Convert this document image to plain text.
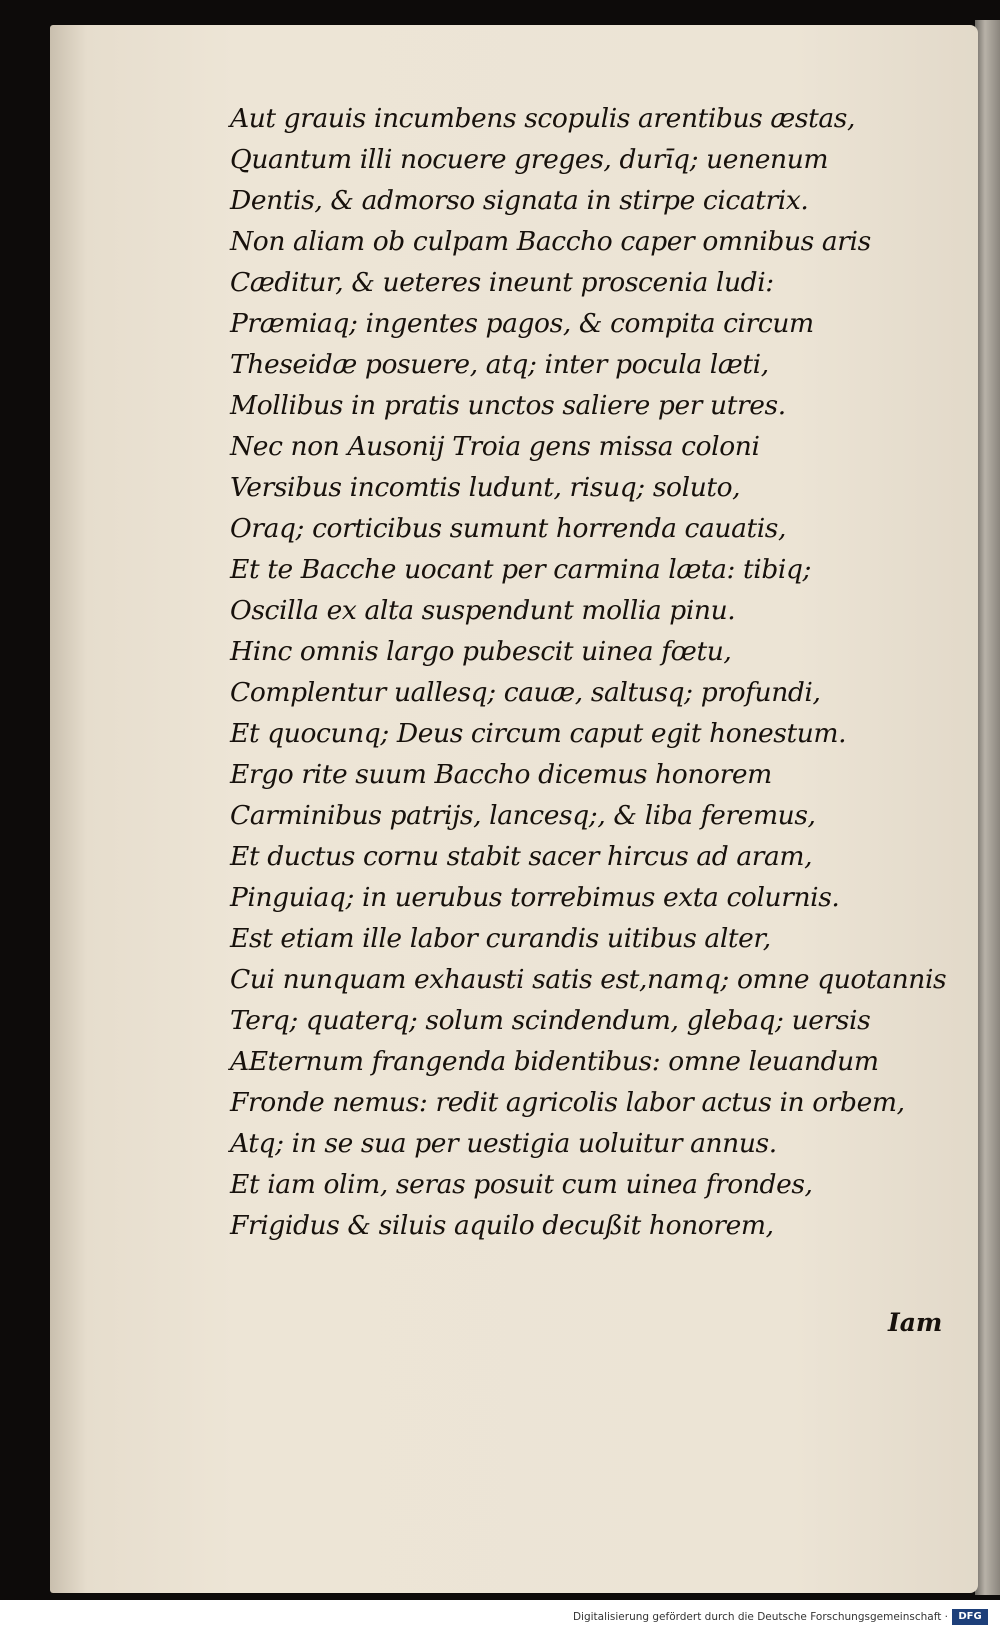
Aut grauis incumbens scopulis arentibus æstas,
Quantum illi nocuere greges, durīq; uenenum
Dentis, & admorso signata in stirpe cicatrix.
Non aliam ob culpam Baccho caper omnibus aris
Cæditur, & ueteres ineunt proscenia ludi:
Præmiaq; ingentes pagos, & compita circum
Theseidæ posuere, atq; inter pocula læti,
Mollibus in pratis unctos saliere per utres.
Nec non Ausonij Troia gens missa coloni
Versibus incomtis ludunt, risuq; soluto,
Oraq; corticibus sumunt horrenda cauatis,
Et te Bacche uocant per carmina læta: tibiq;
Oscilla ex alta suspendunt mollia pinu.
Hinc omnis largo pubescit uinea fœtu,
Complentur uallesq; cauæ, saltusq; profundi,
Et quocunq; Deus circum caput egit honestum.
Ergo rite suum Baccho dicemus honorem
Carminibus patrijs, lancesq;, & liba feremus,
Et ductus cornu stabit sacer hircus ad aram,
Pinguiaq; in uerubus torrebimus exta colurnis.
Est etiam ille labor curandis uitibus alter,
Cui nunquam exhausti satis est,namq; omne quotannis
Terq; quaterq; solum scindendum, glebaq; uersis
AEternum frangenda bidentibus: omne leuandum
Fronde nemus: redit agricolis labor actus in orbem,
Atq; in se sua per uestigia uoluitur annus.
Et iam olim, seras posuit cum uinea frondes,
Frigidus & siluis aquilo decußit honorem,
Iam
Digitalisierung gefördert durch die Deutsche Forschungsgemeinschaft ·	DFG
